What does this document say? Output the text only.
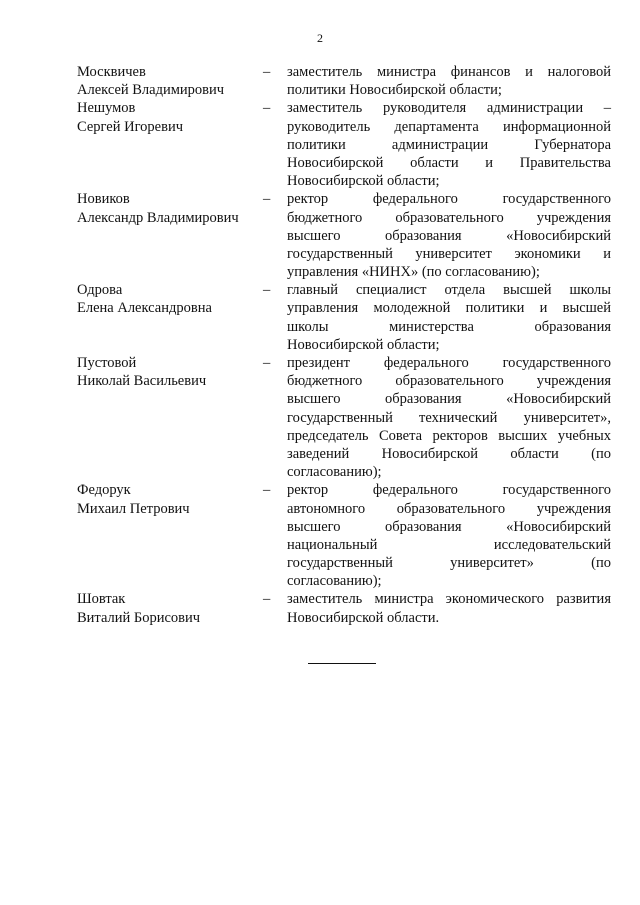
2
Москвичев
Алексей Владимирович
–	заместитель министра финансов и налоговой
политики Новосибирской области;
Нешумов
Сергей Игоревич
–	заместитель руководителя администрации –
руководитель департамента информационной
политики администрации Губернатора
Новосибирской области и Правительства
Новосибирской области;
Новиков
Александр Владимирович
–	ректор федерального государственного
бюджетного образовательного учреждения
высшего образования «Новосибирский
государственный университет экономики и
управления «НИНХ» (по согласованию);
Одрова
Елена Александровна
–	главный специалист отдела высшей школы
управления молодежной политики и высшей
школы министерства образования
Новосибирской области;
Пустовой
Николай Васильевич
–	президент федерального государственного
бюджетного образовательного учреждения
высшего образования «Новосибирский
государственный технический университет»,
председатель Совета ректоров высших учебных
заведений Новосибирской области (по
согласованию);
Федорук
Михаил Петрович
–	ректор федерального государственного
автономного образовательного учреждения
высшего образования «Новосибирский
национальный исследовательский
государственный университет» (по
согласованию);
Шовтак
Виталий Борисович
–	заместитель министра экономического развития
Новосибирской области.
